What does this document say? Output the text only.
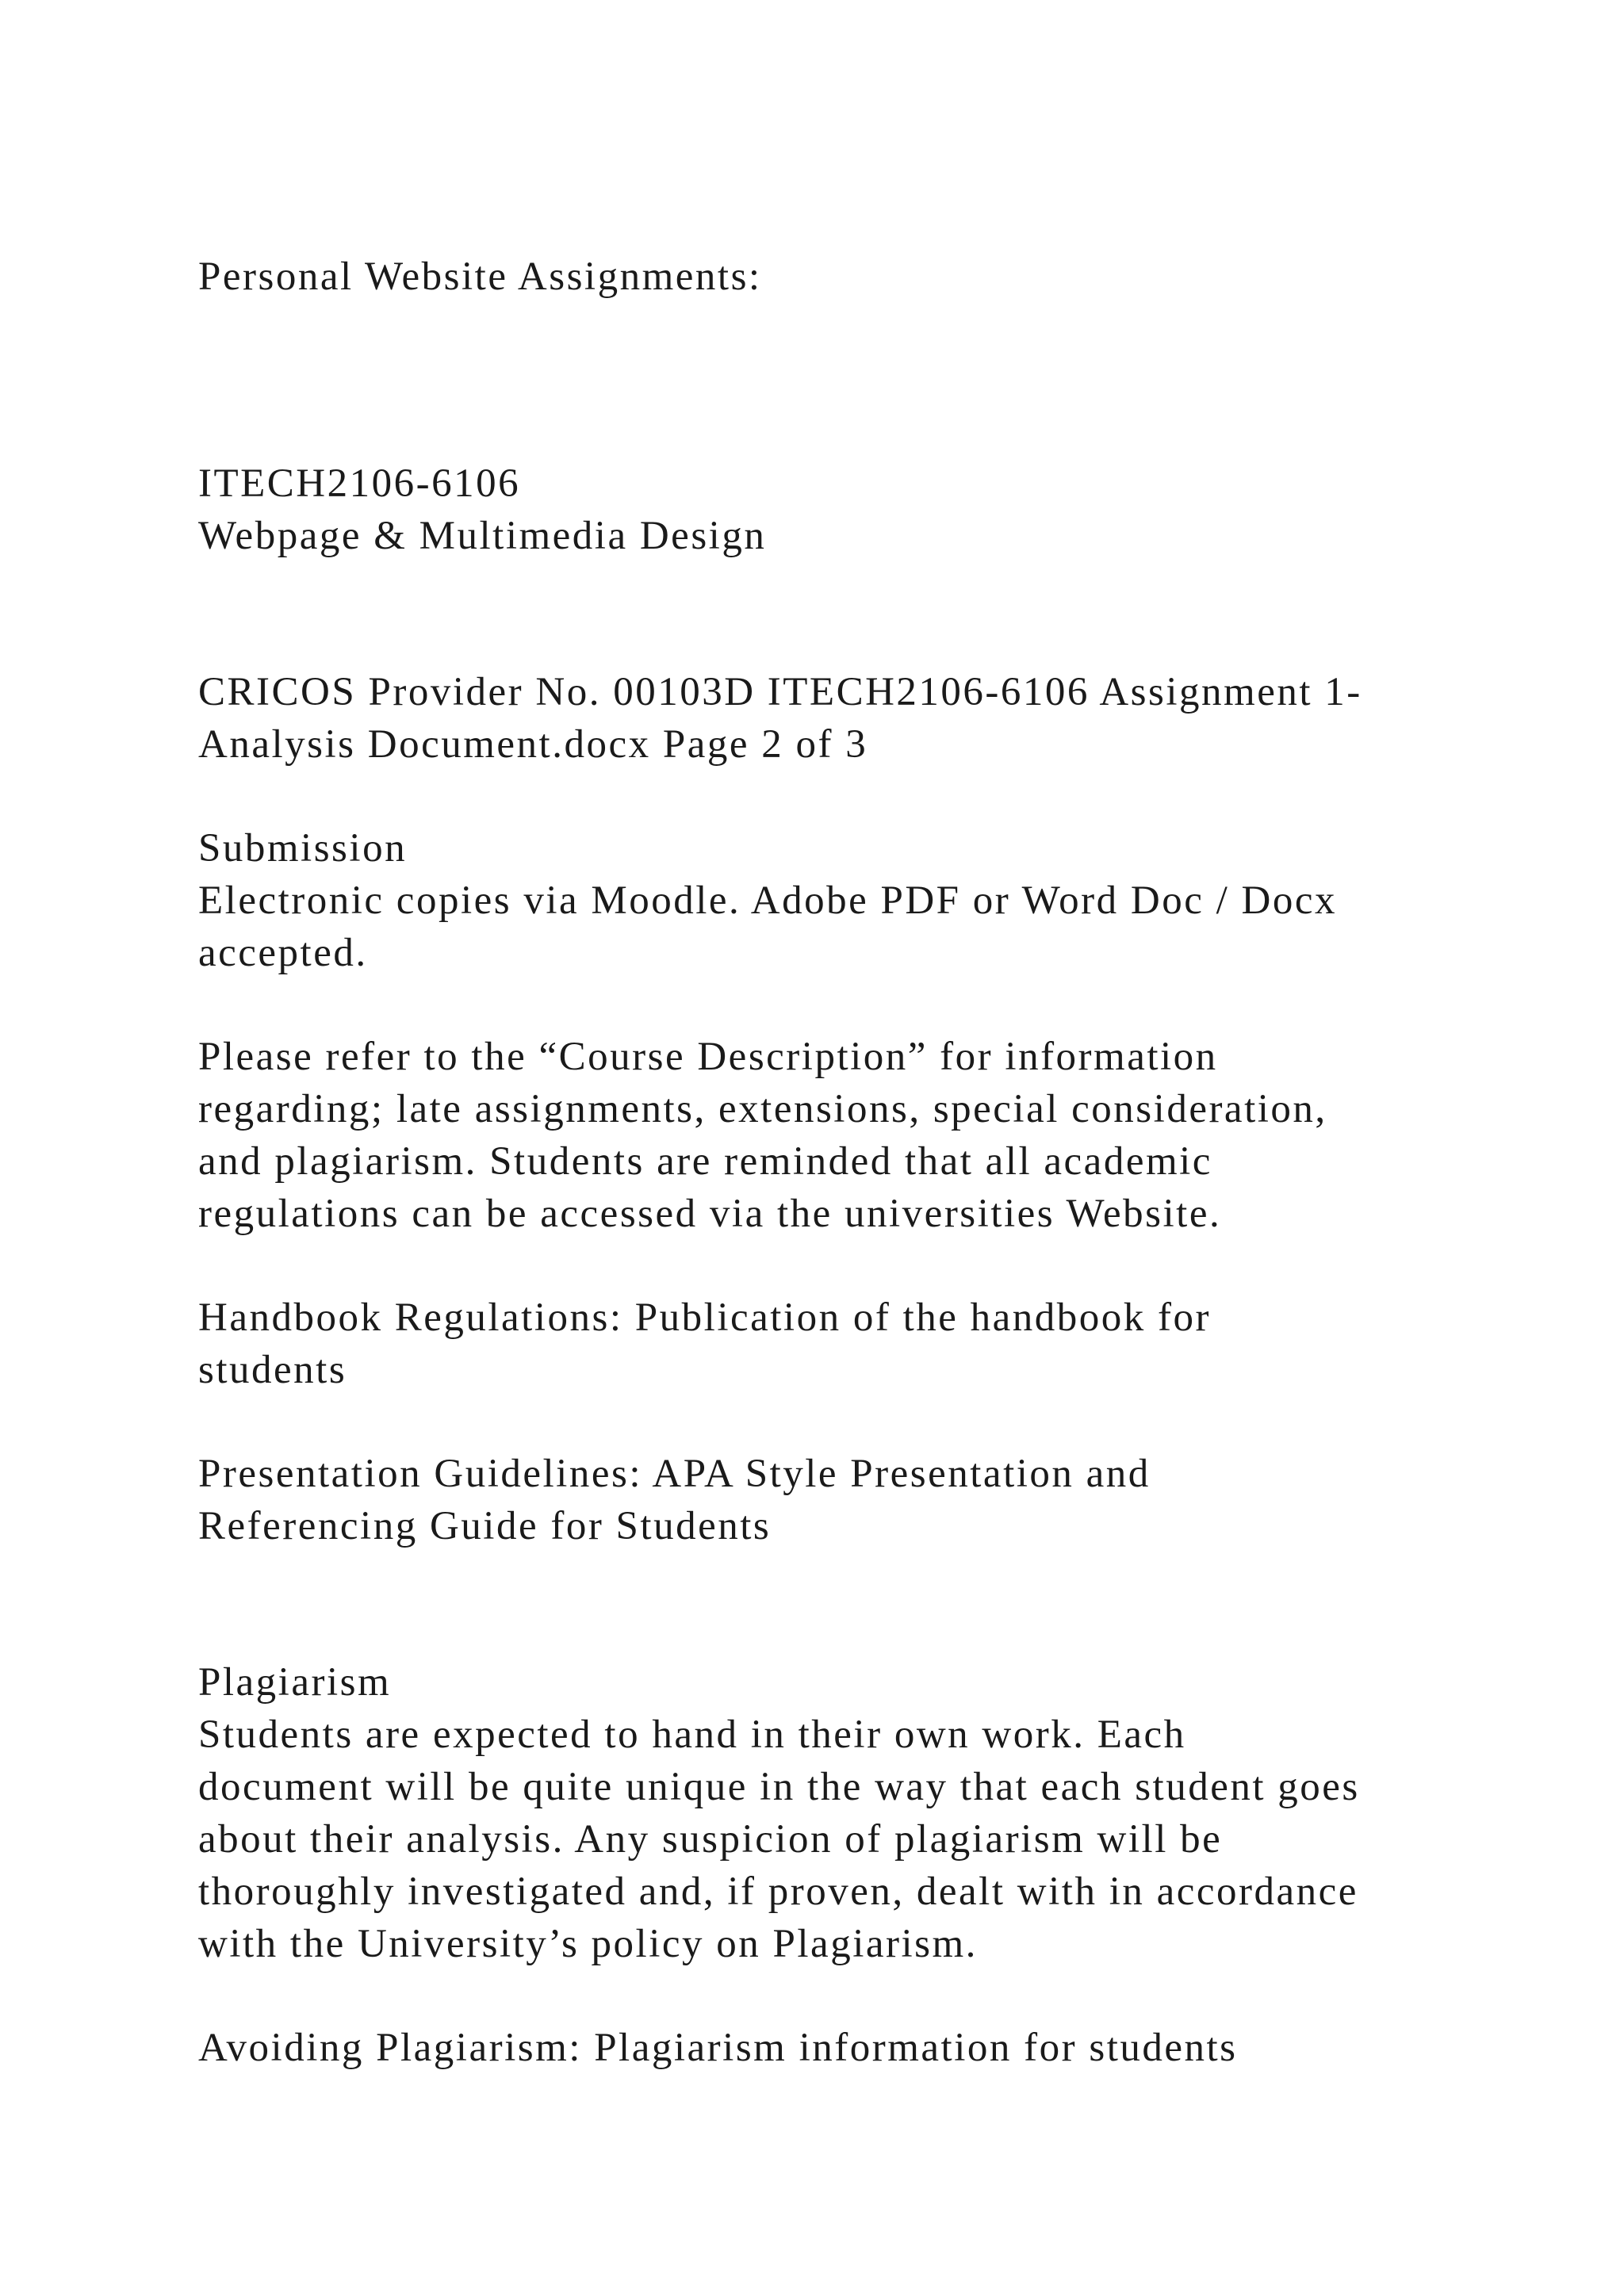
Personal Website Assignments:

ITECH2106-6106

Webpage & Multimedia Design

CRICOS Provider No. 00103D ITECH2106-6106 Assignment 1-

Analysis Document.docx Page 2 of 3

Submission

Electronic copies via Moodle. Adobe PDF or Word Doc / Docx

accepted.

Please refer to the “Course Description” for information

regarding; late assignments, extensions, special consideration,

and plagiarism. Students are reminded that all academic

regulations can be accessed via the universities Website.

Handbook Regulations: Publication of the handbook for

students

Presentation Guidelines: APA Style Presentation and

Referencing Guide for Students

Plagiarism

Students are expected to hand in their own work. Each

document will be quite unique in the way that each student goes

about their analysis. Any suspicion of plagiarism will be

thoroughly investigated and, if proven, dealt with in accordance

with the University’s policy on Plagiarism.

Avoiding Plagiarism: Plagiarism information for students
